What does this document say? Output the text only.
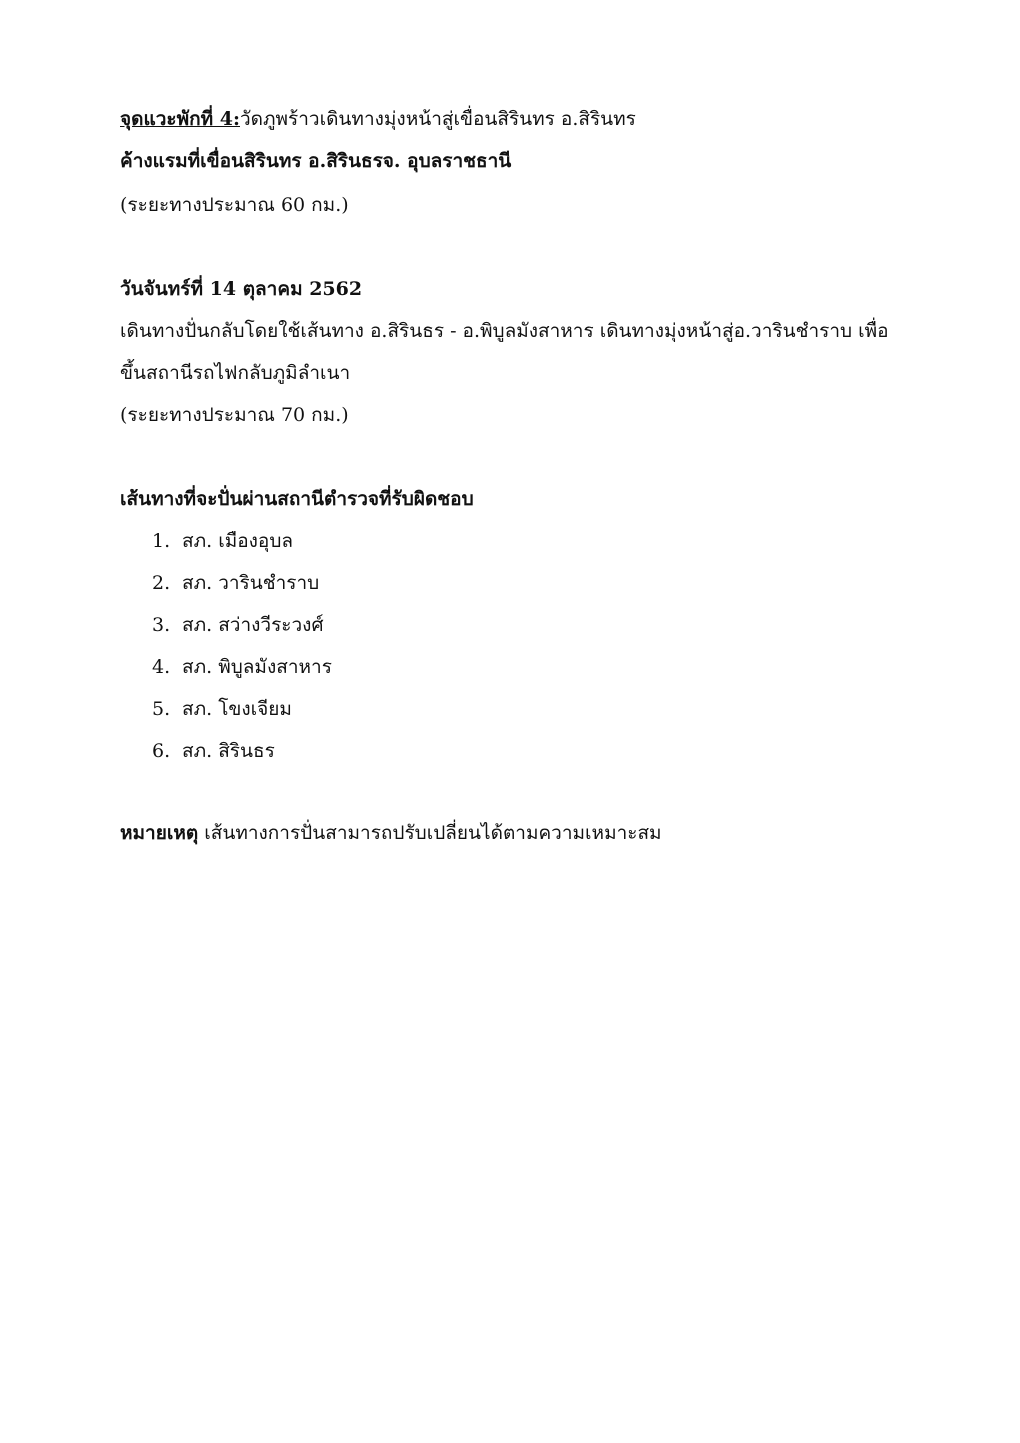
จุดแวะพักที่ 4:วัดภูพร้าวเดินทางมุ่งหน้าสู่เขื่อนสิรินทร อ.สิรินทร
ค้างแรมที่เขื่อนสิรินทร อ.สิรินธรจ. อุบลราชธานี
(ระยะทางประมาณ 60 กม.)
วันจันทร์ที่ 14 ตุลาคม 2562
เดินทางปั่นกลับโดยใช้เส้นทาง อ.สิรินธร - อ.พิบูลมังสาหาร เดินทางมุ่งหน้าสู่อ.วารินชำราบ เพื่อ
ขึ้นสถานีรถไฟกลับภูมิลำเนา
(ระยะทางประมาณ 70 กม.)
เส้นทางที่จะปั่นผ่านสถานีตำรวจที่รับผิดชอบ
1. สภ. เมืองอุบล
2. สภ. วารินชำราบ
3. สภ. สว่างวีระวงศ์
4. สภ. พิบูลมังสาหาร
5. สภ. โขงเจียม
6. สภ. สิรินธร
หมายเหตุ เส้นทางการปั่นสามารถปรับเปลี่ยนได้ตามความเหมาะสม
